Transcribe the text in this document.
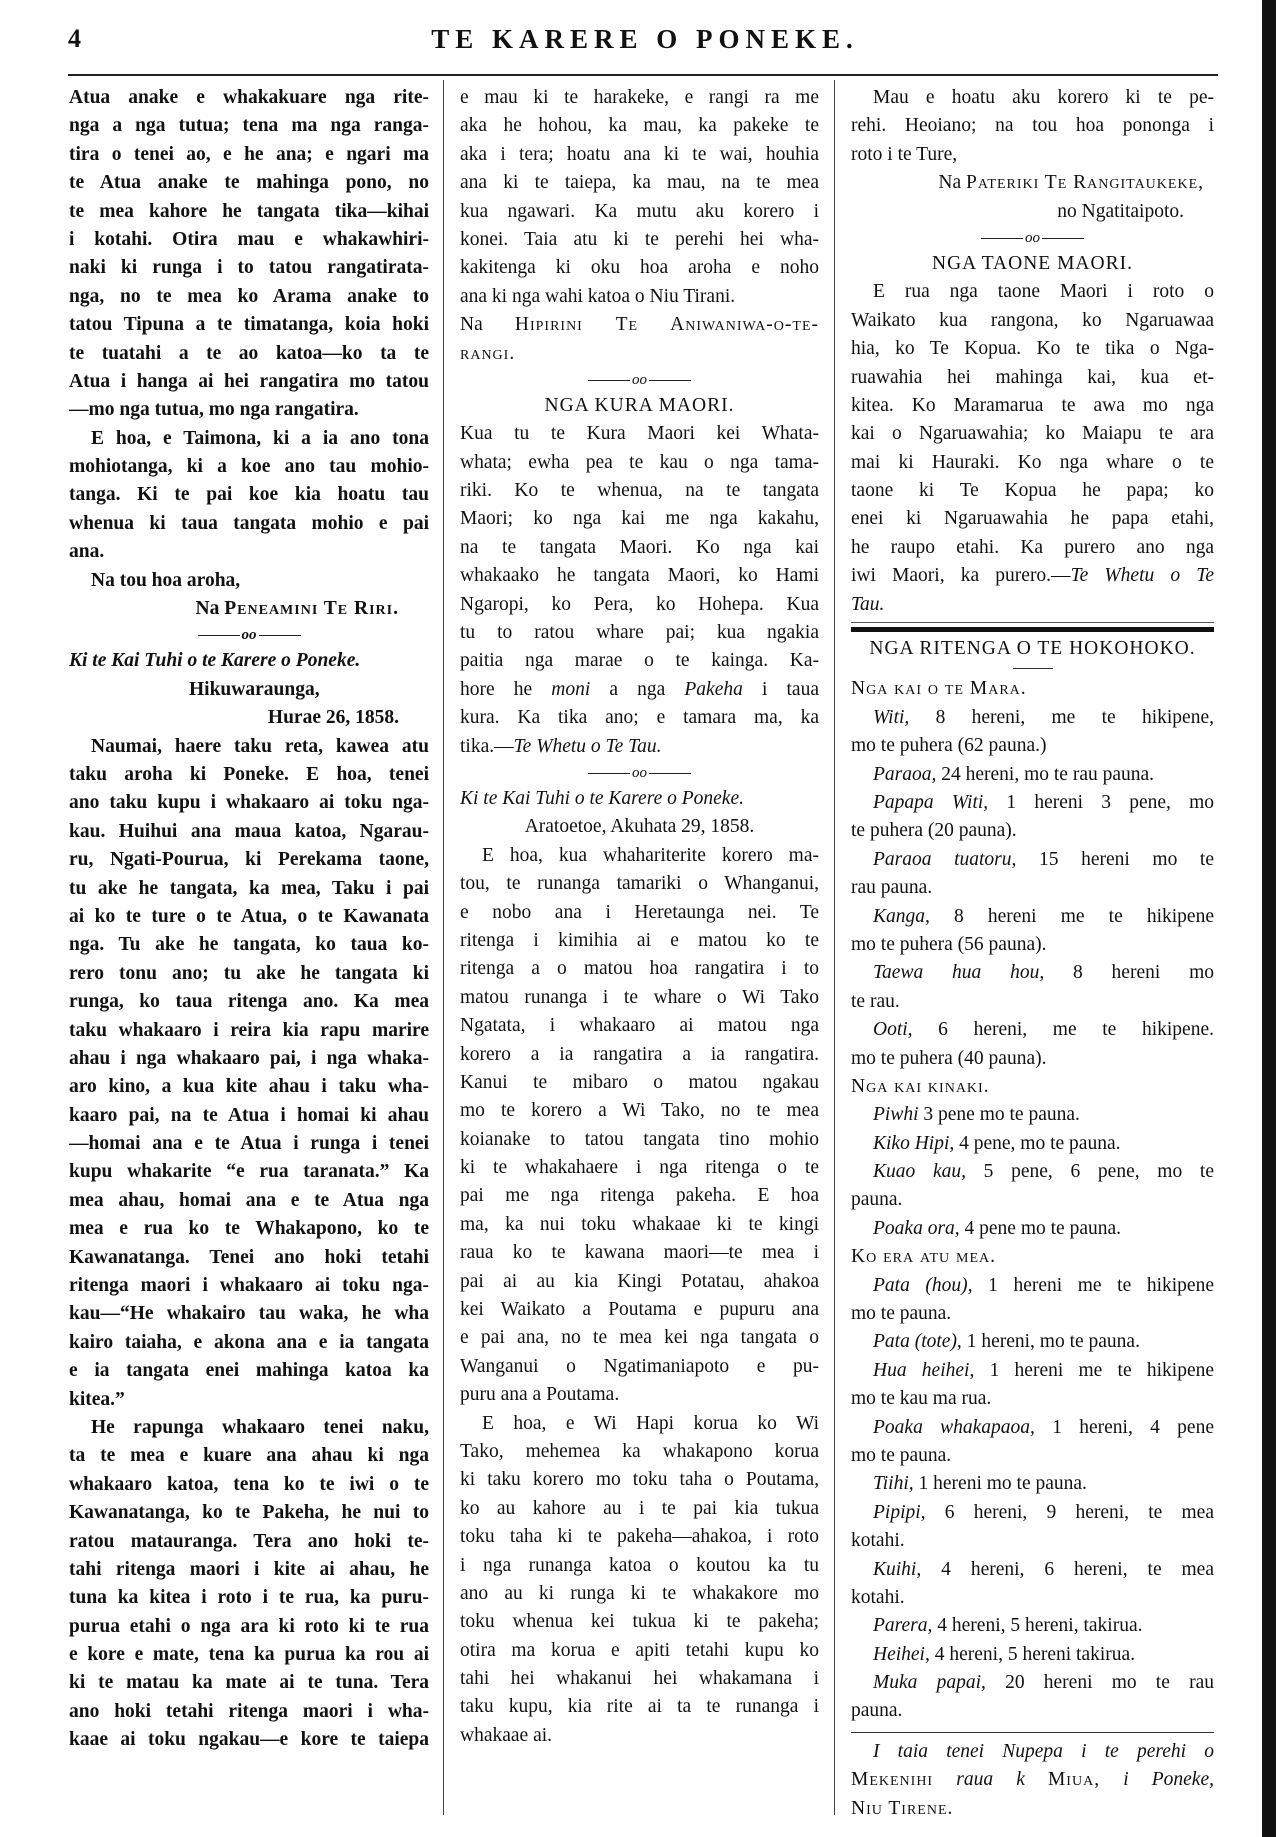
4	TE KARERE O PONEKE.
Atua anake e whakakuare nga rite-
nga a nga tutua; tena ma nga ranga-
tira o tenei ao, e he ana; e ngari ma
te Atua anake te mahinga pono, no
te mea kahore he tangata tika—kihai
i kotahi. Otira mau e whakawhiri-
naki ki runga i to tatou rangatirata-
nga, no te mea ko Arama anake to
tatou Tipuna a te timatanga, koia hoki
te tuatahi a te ao katoa—ko ta te
Atua i hanga ai hei rangatira mo tatou
—mo nga tutua, mo nga rangatira.
E hoa, e Taimona, ki a ia ano tona
mohiotanga, ki a koe ano tau mohio-
tanga. Ki te pai koe kia hoatu tau
whenua ki taua tangata mohio e pai
ana.
Na tou hoa aroha,
Na Peneamini Te Riri.
oo
Ki te Kai Tuhi o te Karere o Poneke.
Hikuwaraunga,
Hurae 26, 1858.
Naumai, haere taku reta, kawea atu
taku aroha ki Poneke. E hoa, tenei
ano taku kupu i whakaaro ai toku nga-
kau. Huihui ana maua katoa, Ngarau-
ru, Ngati-Pourua, ki Perekama taone,
tu ake he tangata, ka mea, Taku i pai
ai ko te ture o te Atua, o te Kawanata
nga. Tu ake he tangata, ko taua ko-
rero tonu ano; tu ake he tangata ki
runga, ko taua ritenga ano. Ka mea
taku whakaaro i reira kia rapu marire
ahau i nga whakaaro pai, i nga whaka-
aro kino, a kua kite ahau i taku wha-
kaaro pai, na te Atua i homai ki ahau
—homai ana e te Atua i runga i tenei
kupu whakarite “e rua taranata.” Ka
mea ahau, homai ana e te Atua nga
mea e rua ko te Whakapono, ko te
Kawanatanga. Tenei ano hoki tetahi
ritenga maori i whakaaro ai toku nga-
kau—“He whakairo tau waka, he wha
kairo taiaha, e akona ana e ia tangata
e ia tangata enei mahinga katoa ka
kitea.”
He rapunga whakaaro tenei naku,
ta te mea e kuare ana ahau ki nga
whakaaro katoa, tena ko te iwi o te
Kawanatanga, ko te Pakeha, he nui to
ratou matauranga. Tera ano hoki te-
tahi ritenga maori i kite ai ahau, he
tuna ka kitea i roto i te rua, ka puru-
purua etahi o nga ara ki roto ki te rua
e kore e mate, tena ka purua ka rou ai
ki te matau ka mate ai te tuna. Tera
ano hoki tetahi ritenga maori i wha-
kaae ai toku ngakau—e kore te taiepa
e mau ki te harakeke, e rangi ra me
aka he hohou, ka mau, ka pakeke te
aka i tera; hoatu ana ki te wai, houhia
ana ki te taiepa, ka mau, na te mea
kua ngawari. Ka mutu aku korero i
konei. Taia atu ki te perehi hei wha-
kakitenga ki oku hoa aroha e noho
ana ki nga wahi katoa o Niu Tirani.
Na Hipirini Te Aniwaniwa-o-te-
rangi.
oo
NGA KURA MAORI.
Kua tu te Kura Maori kei Whata-
whata; ewha pea te kau o nga tama-
riki. Ko te whenua, na te tangata
Maori; ko nga kai me nga kakahu,
na te tangata Maori. Ko nga kai
whakaako he tangata Maori, ko Hami
Ngaropi, ko Pera, ko Hohepa. Kua
tu to ratou whare pai; kua ngakia
paitia nga marae o te kainga. Ka-
hore he moni a nga Pakeha i taua
kura. Ka tika ano; e tamara ma, ka
tika.—Te Whetu o Te Tau.
oo
Ki te Kai Tuhi o te Karere o Poneke.
Aratoetoe, Akuhata 29, 1858.
E hoa, kua whahariterite korero ma-
tou, te runanga tamariki o Whanganui,
e nobo ana i Heretaunga nei. Te
ritenga i kimihia ai e matou ko te
ritenga a o matou hoa rangatira i to
matou runanga i te whare o Wi Tako
Ngatata, i whakaaro ai matou nga
korero a ia rangatira a ia rangatira.
Kanui te mibaro o matou ngakau
mo te korero a Wi Tako, no te mea
koianake to tatou tangata tino mohio
ki te whakahaere i nga ritenga o te
pai me nga ritenga pakeha. E hoa
ma, ka nui toku whakaae ki te kingi
raua ko te kawana maori—te mea i
pai ai au kia Kingi Potatau, ahakoa
kei Waikato a Poutama e pupuru ana
e pai ana, no te mea kei nga tangata o
Wanganui o Ngatimaniapoto e pu-
puru ana a Poutama.
E hoa, e Wi Hapi korua ko Wi
Tako, mehemea ka whakapono korua
ki taku korero mo toku taha o Poutama,
ko au kahore au i te pai kia tukua
toku taha ki te pakeha—ahakoa, i roto
i nga runanga katoa o koutou ka tu
ano au ki runga ki te whakakore mo
toku whenua kei tukua ki te pakeha;
otira ma korua e apiti tetahi kupu ko
tahi hei whakanui hei whakamana i
taku kupu, kia rite ai ta te runanga i
whakaae ai.
Mau e hoatu aku korero ki te pe-
rehi. Heoiano; na tou hoa pononga i
roto i te Ture,
Na Pateriki Te Rangitaukeke,
no Ngatitaipoto.
oo
NGA TAONE MAORI.
E rua nga taone Maori i roto o
Waikato kua rangona, ko Ngaruawaa
hia, ko Te Kopua. Ko te tika o Nga-
ruawahia hei mahinga kai, kua et-
kitea. Ko Maramarua te awa mo nga
kai o Ngaruawahia; ko Maiapu te ara
mai ki Hauraki. Ko nga whare o te
taone ki Te Kopua he papa; ko
enei ki Ngaruawahia he papa etahi,
he raupo etahi. Ka purero ano nga
iwi Maori, ka purero.—Te Whetu o Te
Tau.
NGA RITENGA O TE HOKOHOKO.
Nga kai o te Mara.
Witi, 8 hereni, me te hikipene,
mo te puhera (62 pauna.)
Paraoa, 24 hereni, mo te rau pauna.
Papapa Witi, 1 hereni 3 pene, mo
te puhera (20 pauna).
Paraoa tuatoru, 15 hereni mo te
rau pauna.
Kanga, 8 hereni me te hikipene
mo te puhera (56 pauna).
Taewa hua hou, 8 hereni mo
te rau.
Ooti, 6 hereni, me te hikipene.
mo te puhera (40 pauna).
Nga kai kinaki.
Piwhi 3 pene mo te pauna.
Kiko Hipi, 4 pene, mo te pauna.
Kuao kau, 5 pene, 6 pene, mo te
pauna.
Poaka ora, 4 pene mo te pauna.
Ko era atu mea.
Pata (hou), 1 hereni me te hikipene
mo te pauna.
Pata (tote), 1 hereni, mo te pauna.
Hua heihei, 1 hereni me te hikipene
mo te kau ma rua.
Poaka whakapaoa, 1 hereni, 4 pene
mo te pauna.
Tiihi, 1 hereni mo te pauna.
Pipipi, 6 hereni, 9 hereni, te mea
kotahi.
Kuihi, 4 hereni, 6 hereni, te mea
kotahi.
Parera, 4 hereni, 5 hereni, takirua.
Heihei, 4 hereni, 5 hereni takirua.
Muka papai, 20 hereni mo te rau
pauna.
I taia tenei Nupepa i te perehi o
Mekenihi raua k Miua, i Poneke,
Niu Tirene.
